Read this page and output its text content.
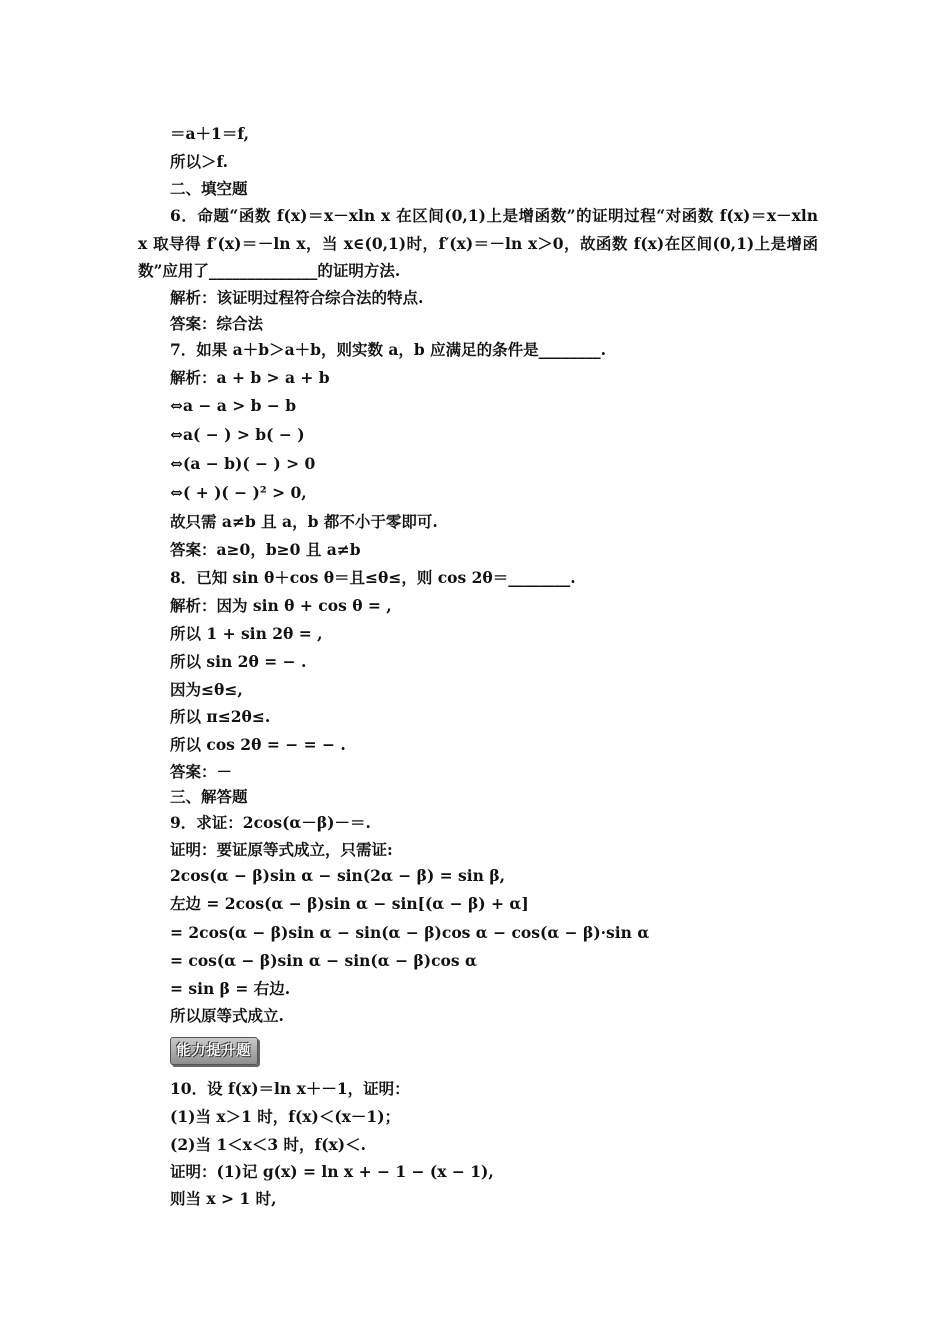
＝a＋1＝f,
所以＞f.
二、填空题
6．命题“函数 f(x)＝x－xln x 在区间(0,1)上是增函数”的证明过程“对函数 f(x)＝x－xln
x 取导得 f′(x)＝－ln x，当 x∈(0,1)时，f′(x)＝－ln x＞0，故函数 f(x)在区间(0,1)上是增函
数”应用了______________的证明方法.
解析：该证明过程符合综合法的特点.
答案：综合法
7．如果 a＋b＞a＋b，则实数 a，b 应满足的条件是________.
解析：a + b > a + b
⇔a − a > b − b
⇔a( − ) > b( − )
⇔(a − b)( − ) > 0
⇔( + )( − )² > 0,
故只需 a≠b 且 a，b 都不小于零即可.
答案：a≥0，b≥0 且 a≠b
8．已知 sin θ＋cos θ＝且≤θ≤，则 cos 2θ＝________.
解析：因为 sin θ + cos θ = ,
所以 1 + sin 2θ = ,
所以 sin 2θ = − .
因为≤θ≤,
所以 π≤2θ≤.
所以 cos 2θ = − = − .
答案：－
三、解答题
9．求证：2cos(α－β)－＝.
证明：要证原等式成立，只需证:
2cos(α − β)sin α − sin(2α − β) = sin β,
左边 = 2cos(α − β)sin α − sin[(α − β) + α]
= 2cos(α − β)sin α − sin(α − β)cos α − cos(α − β)·sin α
= cos(α − β)sin α − sin(α − β)cos α
= sin β = 右边.
所以原等式成立.
能力提升题
10．设 f(x)＝ln x＋－1，证明：
(1)当 x＞1 时，f(x)＜(x－1)；
(2)当 1＜x＜3 时，f(x)＜.
证明：(1)记 g(x) = ln x + − 1 − (x − 1),
则当 x > 1 时,
